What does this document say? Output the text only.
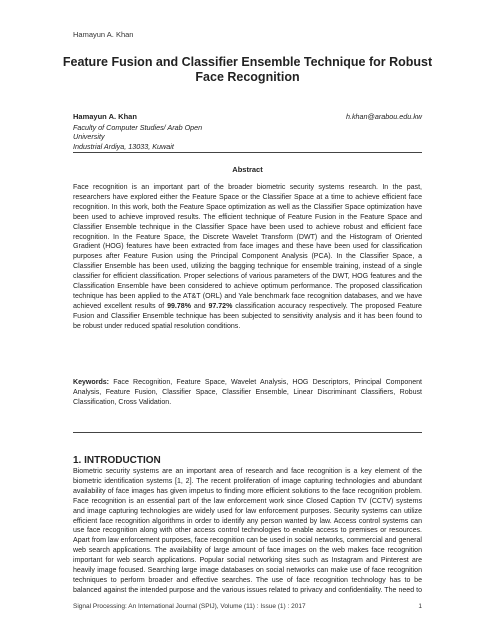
Hamayun A. Khan
Feature Fusion and Classifier Ensemble Technique for Robust Face Recognition
Hamayun A. Khan
Faculty of Computer Studies/ Arab Open
University
Industrial Ardiya, 13033, Kuwait
h.khan@arabou.edu.kw
Abstract
Face recognition is an important part of the broader biometric security systems research. In the past, researchers have explored either the Feature Space or the Classifier Space at a time to achieve efficient face recognition. In this work, both the Feature Space optimization as well as the Classifier Space optimization have been used to achieve improved results. The efficient technique of Feature Fusion in the Feature Space and Classifier Ensemble technique in the Classifier Space have been used to achieve robust and efficient face recognition. In the Feature Space, the Discrete Wavelet Transform (DWT) and the Histogram of Oriented Gradient (HOG) features have been extracted from face images and these have been used for classification purposes after Feature Fusion using the Principal Component Analysis (PCA). In the Classifier Space, a Classifier Ensemble has been used, utilizing the bagging technique for ensemble training, instead of a single classifier for efficient classification. Proper selections of various parameters of the DWT, HOG features and the Classification Ensemble have been considered to achieve optimum performance. The proposed classification technique has been applied to the AT&T (ORL) and Yale benchmark face recognition databases, and we have achieved excellent results of 99.78% and 97.72% classification accuracy respectively. The proposed Feature Fusion and Classifier Ensemble technique has been subjected to sensitivity analysis and it has been found to be robust under reduced spatial resolution conditions.
Keywords: Face Recognition, Feature Space, Wavelet Analysis, HOG Descriptors, Principal Component Analysis, Feature Fusion, Classifier Space, Classifier Ensemble, Linear Discriminant Classifiers, Robust Classification, Cross Validation.
1. INTRODUCTION
Biometric security systems are an important area of research and face recognition is a key element of the biometric identification systems [1, 2]. The recent proliferation of image capturing technologies and abundant availability of face images has given impetus to finding more efficient solutions to the face recognition problem. Face recognition is an essential part of the law enforcement work since Closed Caption TV (CCTV) systems and image capturing technologies are widely used for law enforcement purposes. Security systems can utilize efficient face recognition algorithms in order to identify any person wanted by law. Access control systems can use face recognition along with other access control technologies to enable access to premises or resources. Apart from law enforcement purposes, face recognition can be used in social networks, commercial and general web search applications. The availability of large amount of face images on the web makes face recognition important for web search applications. Popular social networking sites such as Instagram and Pinterest are heavily image focused. Searching large image databases on social networks can make use of face recognition techniques to perform broader and effective searches. The use of face recognition technology has to be balanced against the intended purpose and the various issues related to privacy and confidentiality. The need to
Signal Processing: An International Journal (SPIJ), Volume (11) : Issue (1) : 2017	1
